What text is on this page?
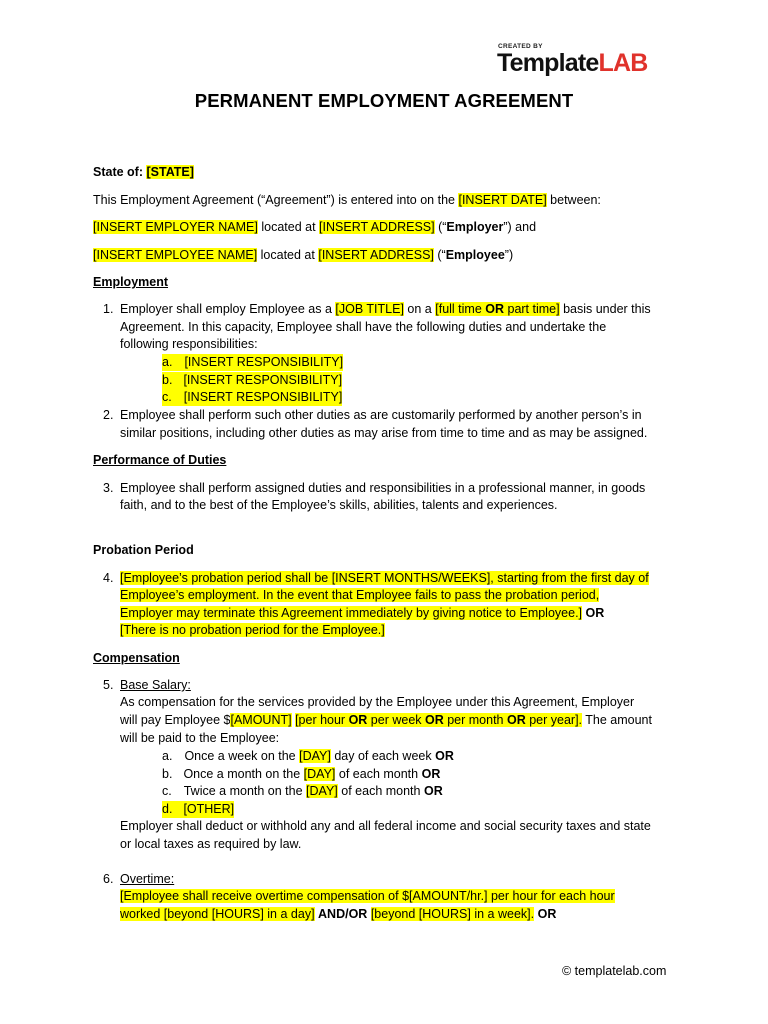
CREATED BY
TemplateLAB
PERMANENT EMPLOYMENT AGREEMENT
State of: [STATE]
This Employment Agreement (“Agreement”) is entered into on the [INSERT DATE] between:
[INSERT EMPLOYER NAME] located at [INSERT ADDRESS] (“Employer”) and
[INSERT EMPLOYEE NAME] located at [INSERT ADDRESS] (“Employee”)
Employment
1. Employer shall employ Employee as a [JOB TITLE] on a [full time OR part time] basis under this
Agreement. In this capacity, Employee shall have the following duties and undertake the
following responsibilities:
a. [INSERT RESPONSIBILITY]
b. [INSERT RESPONSIBILITY]
c. [INSERT RESPONSIBILITY]
2. Employee shall perform such other duties as are customarily performed by another person’s in
similar positions, including other duties as may arise from time to time and as may be assigned.
Performance of Duties
3. Employee shall perform assigned duties and responsibilities in a professional manner, in goods
faith, and to the best of the Employee’s skills, abilities, talents and experiences.
Probation Period
4. [Employee’s probation period shall be [INSERT MONTHS/WEEKS], starting from the first day of
Employee’s employment. In the event that Employee fails to pass the probation period,
Employer may terminate this Agreement immediately by giving notice to Employee.] OR
[There is no probation period for the Employee.]
Compensation
5. Base Salary:
As compensation for the services provided by the Employee under this Agreement, Employer
will pay Employee $[AMOUNT] [per hour OR per week OR per month OR per year]. The amount
will be paid to the Employee:
a. Once a week on the [DAY] day of each week OR
b. Once a month on the [DAY] of each month OR
c. Twice a month on the [DAY] of each month OR
d. [OTHER]
Employer shall deduct or withhold any and all federal income and social security taxes and state
or local taxes as required by law.
6. Overtime:
[Employee shall receive overtime compensation of $[AMOUNT/hr.] per hour for each hour
worked [beyond [HOURS] in a day] AND/OR [beyond [HOURS] in a week]. OR
© templatelab.com
